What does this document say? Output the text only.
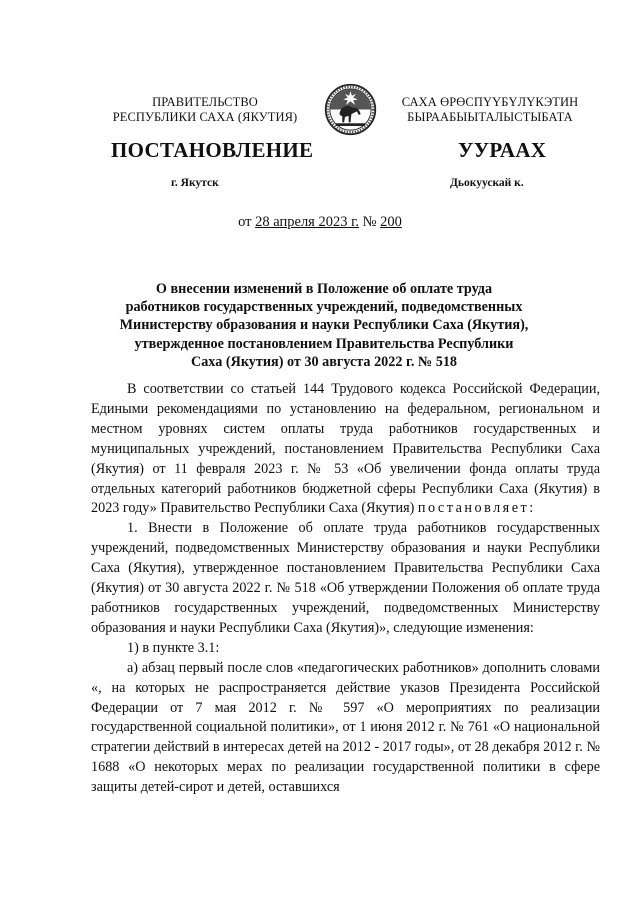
ПРАВИТЕЛЬСТВО
РЕСПУБЛИКИ САХА (ЯКУТИЯ)
САХА ӨРӨСПҮҮБҮЛҮКЭТИН
БЫРААБЫЫТАЛЫСТЫБАТА
ПОСТАНОВЛЕНИЕ	УУРААХ
г. Якутск	Дьокуускай к.
от 28 апреля 2023 г. № 200
О внесении изменений в Положение об оплате труда
работников государственных учреждений, подведомственных
Министерству образования и науки Республики Саха (Якутия),
утвержденное постановлением Правительства Республики
Саха (Якутия) от 30 августа 2022 г. № 518

В соответствии со статьей 144 Трудового кодекса Российской Федерации, Едиными рекомендациями по установлению на федеральном, региональном и местном уровнях систем оплаты труда работников государственных и муниципальных учреждений, постановлением Правительства Республики Саха (Якутия) от 11 февраля 2023 г. № 53 «Об увеличении фонда оплаты труда отдельных категорий работников бюджетной сферы Республики Саха (Якутия) в 2023 году» Правительство Республики Саха (Якутия) постановляет:

1. Внести в Положение об оплате труда работников государственных учреждений, подведомственных Министерству образования и науки Республики Саха (Якутия), утвержденное постановлением Правительства Республики Саха (Якутия) от 30 августа 2022 г. № 518 «Об утверждении Положения об оплате труда работников государственных учреждений, подведомственных Министерству образования и науки Республики Саха (Якутия)», следующие изменения:

1) в пункте 3.1:

а) абзац первый после слов «педагогических работников» дополнить словами «, на которых не распространяется действие указов Президента Российской Федерации от 7 мая 2012 г. № 597 «О мероприятиях по реализации государственной социальной политики», от 1 июня 2012 г. № 761 «О национальной стратегии действий в интересах детей на 2012 - 2017 годы», от 28 декабря 2012 г. № 1688 «О некоторых мерах по реализации государственной политики в сфере защиты детей-сирот и детей, оставшихся
